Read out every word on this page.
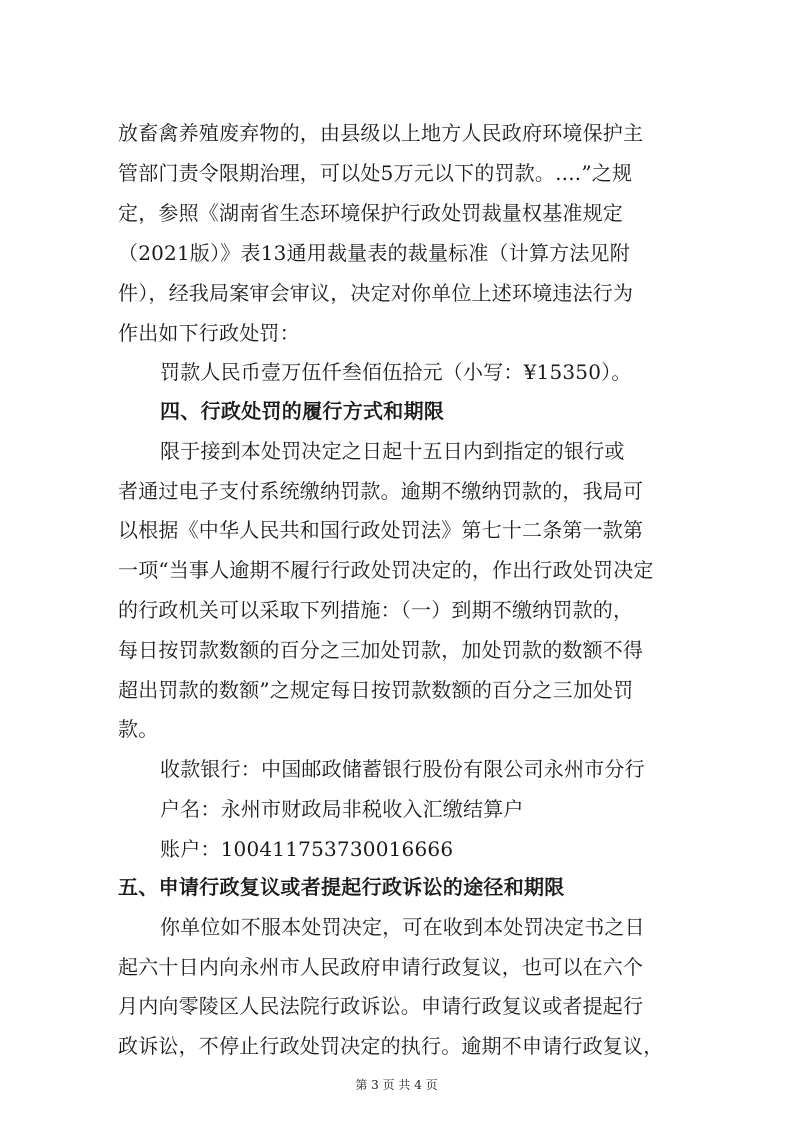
放畜禽养殖废弃物的，由县级以上地方人民政府环境保护主
管部门责令限期治理，可以处5万元以下的罚款。....”之规
定，参照《湖南省生态环境保护行政处罚裁量权基准规定
（2021版）》表13通用裁量表的裁量标准（计算方法见附
件），经我局案审会审议，决定对你单位上述环境违法行为
作出如下行政处罚：
罚款人民币壹万伍仟叁佰伍拾元（小写：¥15350）。
四、行政处罚的履行方式和期限
限于接到本处罚决定之日起十五日内到指定的银行或
者通过电子支付系统缴纳罚款。逾期不缴纳罚款的，我局可
以根据《中华人民共和国行政处罚法》第七十二条第一款第
一项“当事人逾期不履行行政处罚决定的，作出行政处罚决定
的行政机关可以采取下列措施：（一）到期不缴纳罚款的，
每日按罚款数额的百分之三加处罚款，加处罚款的数额不得
超出罚款的数额”之规定每日按罚款数额的百分之三加处罚
款。
收款银行：中国邮政储蓄银行股份有限公司永州市分行
户名：永州市财政局非税收入汇缴结算户
账户：100411753730016666
五、申请行政复议或者提起行政诉讼的途径和期限
你单位如不服本处罚决定，可在收到本处罚决定书之日
起六十日内向永州市人民政府申请行政复议，也可以在六个
月内向零陵区人民法院行政诉讼。申请行政复议或者提起行
政诉讼，不停止行政处罚决定的执行。逾期不申请行政复议，
第 3 页 共 4 页
